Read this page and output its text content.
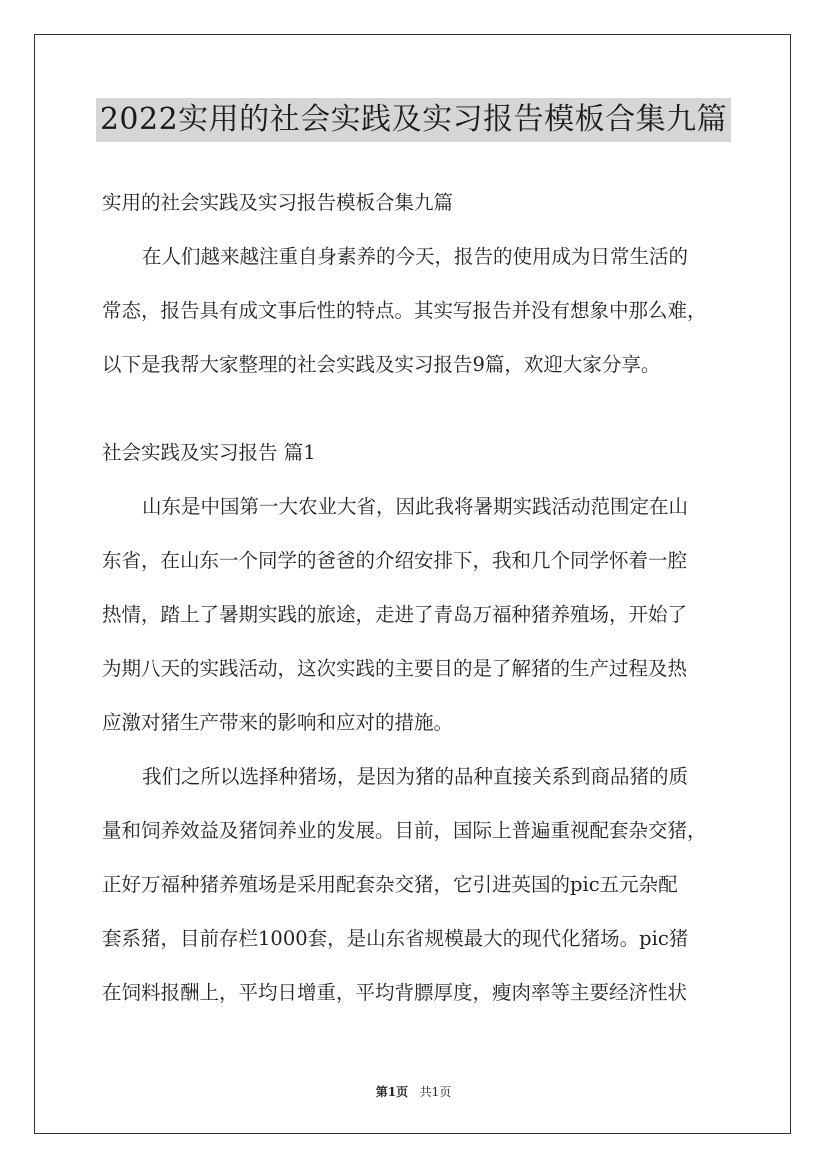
2022实用的社会实践及实习报告模板合集九篇

实用的社会实践及实习报告模板合集九篇

在人们越来越注重自身素养的今天，报告的使用成为日常生活的

常态，报告具有成文事后性的特点。其实写报告并没有想象中那么难，

以下是我帮大家整理的社会实践及实习报告9篇，欢迎大家分享。

社会实践及实习报告 篇1

山东是中国第一大农业大省，因此我将暑期实践活动范围定在山

东省，在山东一个同学的爸爸的介绍安排下，我和几个同学怀着一腔

热情，踏上了暑期实践的旅途，走进了青岛万福种猪养殖场，开始了

为期八天的实践活动，这次实践的主要目的是了解猪的生产过程及热

应激对猪生产带来的影响和应对的措施。

我们之所以选择种猪场，是因为猪的品种直接关系到商品猪的质

量和饲养效益及猪饲养业的发展。目前，国际上普遍重视配套杂交猪，

正好万福种猪养殖场是采用配套杂交猪，它引进英国的pic五元杂配

套系猪，目前存栏1000套，是山东省规模最大的现代化猪场。pic猪

在饲料报酬上，平均日增重，平均背膘厚度，瘦肉率等主要经济性状

第1页 共1页
